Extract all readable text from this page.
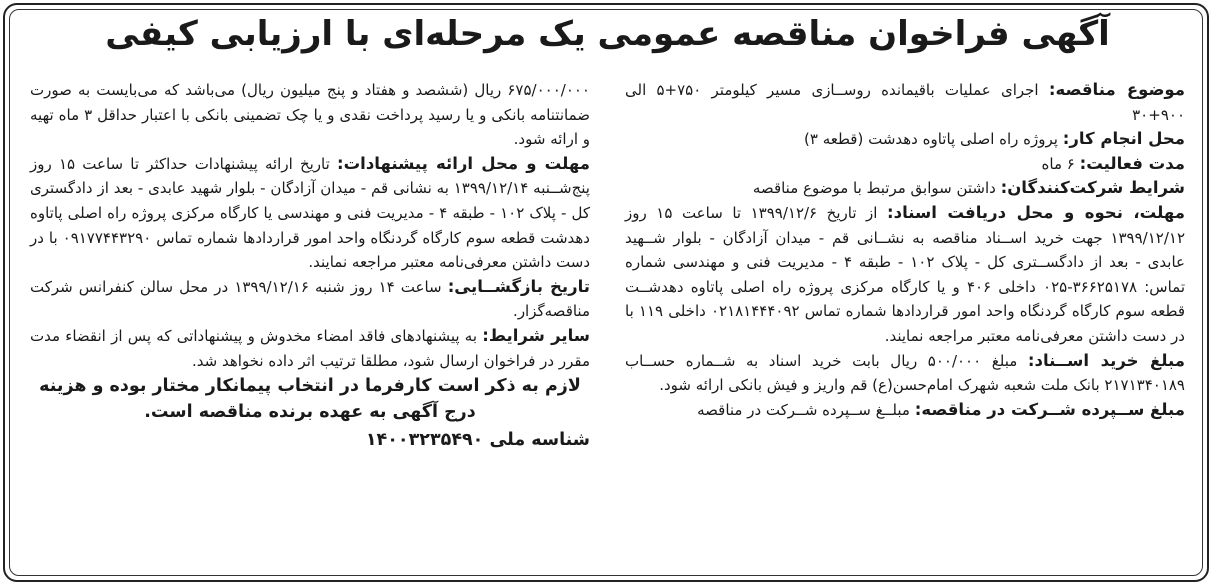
آگهی فراخوان مناقصه عمومی یک مرحله‌ای با ارزیابی کیفی

موضوع مناقصه: اجرای عملیات باقیمانده روســازی مسیر کیلومتر ۷۵۰+۵ الی ۹۰۰+۳۰

محل انجام کار: پروژه راه اصلی پاتاوه دهدشت (قطعه ۳)

مدت فعالیت: ۶ ماه

شرایط شرکت‌کنندگان: داشتن سوابق مرتبط با موضوع مناقصه

مهلت، نحوه و محل دریافت اسناد: از تاریخ ۱۳۹۹/۱۲/۶ تا ساعت ۱۵ روز ۱۳۹۹/۱۲/۱۲ جهت خرید اســناد مناقصه به نشــانی قم - میدان آزادگان - بلوار شــهید عابدی - بعد از دادگســتری کل - پلاک ۱۰۲ - طبقه ۴ - مدیریت فنی و مهندسی شماره تماس: ۳۶۶۲۵۱۷۸-۰۲۵ داخلی ۴۰۶ و یا کارگاه مرکزی پروژه راه اصلی پاتاوه دهدشــت قطعه سوم کارگاه گردنگاه واحد امور قراردادها شماره تماس ۰۲۱۸۱۴۴۴۰۹۲ داخلی ۱۱۹ با در دست داشتن معرفی‌نامه معتبر مراجعه نمایند.

مبلغ خرید اســناد: مبلغ ۵۰۰/۰۰۰ ریال بابت خرید اسناد به شــماره حســاب ۲۱۷۱۳۴۰۱۸۹ بانک ملت شعبه شهرک امام‌حسن(ع) قم واریز و فیش بانکی ارائه شود.

مبلغ ســپرده شــرکت در مناقصه: مبلــغ ســپرده شــرکت در مناقصه

۶۷۵/۰۰۰/۰۰۰ ریال (ششصد و هفتاد و پنج میلیون ریال) می‌باشد که می‌بایست به صورت ضمانتنامه بانکی و یا رسید پرداخت نقدی و یا چک تضمینی بانکی با اعتبار حداقل ۳ ماه تهیه و ارائه شود.

مهلت و محل ارائه پیشنهادات: تاریخ ارائه پیشنهادات حداکثر تا ساعت ۱۵ روز پنج‌شــنبه ۱۳۹۹/۱۲/۱۴ به نشانی قم - میدان آزادگان - بلوار شهید عابدی - بعد از دادگستری کل - پلاک ۱۰۲ - طبقه ۴ - مدیریت فنی و مهندسی یا کارگاه مرکزی پروژه راه اصلی پاتاوه دهدشت قطعه سوم کارگاه گردنگاه واحد امور قراردادها شماره تماس ۰۹۱۷۷۴۴۳۲۹۰ با در دست داشتن معرفی‌نامه معتبر مراجعه نمایند.

تاریخ بازگشــایی: ساعت ۱۴ روز شنبه ۱۳۹۹/۱۲/۱۶ در محل سالن کنفرانس شرکت مناقصه‌گزار.

سایر شرایط: به پیشنهادهای فاقد امضاء مخدوش و پیشنهاداتی که پس از انقضاء مدت مقرر در فراخوان ارسال شود، مطلقا ترتیب اثر داده نخواهد شد.

لازم به ذکر است کارفرما در انتخاب پیمانکار مختار بوده و هزینه درج آگهی به عهده برنده مناقصه است.

شناسه ملی ۱۴۰۰۳۲۳۵۴۹۰
